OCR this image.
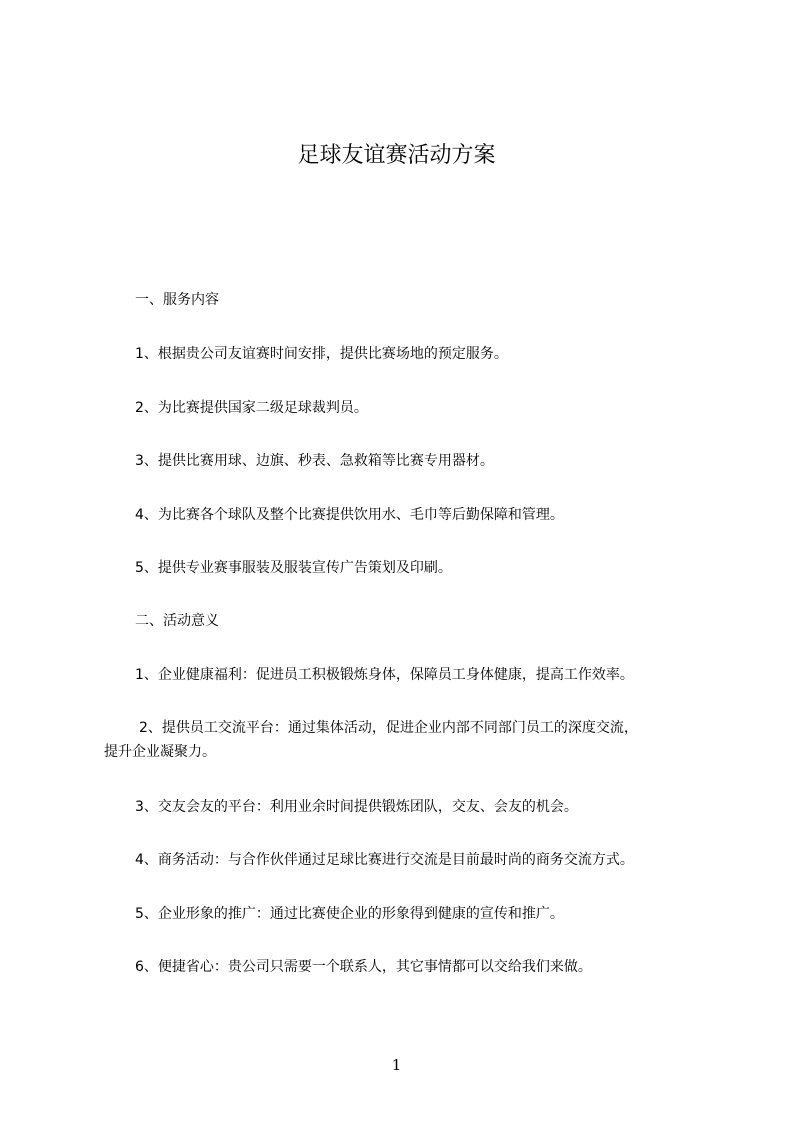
足球友谊赛活动方案
一、服务内容
1、根据贵公司友谊赛时间安排，提供比赛场地的预定服务。
2、为比赛提供国家二级足球裁判员。
3、提供比赛用球、边旗、秒表、急救箱等比赛专用器材。
4、为比赛各个球队及整个比赛提供饮用水、毛巾等后勤保障和管理。
5、提供专业赛事服装及服装宣传广告策划及印刷。
二、活动意义
1、企业健康福利：促进员工积极锻炼身体，保障员工身体健康，提高工作效率。
2、提供员工交流平台：通过集体活动，促进企业内部不同部门员工的深度交流，
提升企业凝聚力。
3、交友会友的平台：利用业余时间提供锻炼团队，交友、会友的机会。
4、商务活动：与合作伙伴通过足球比赛进行交流是目前最时尚的商务交流方式。
5、企业形象的推广：通过比赛使企业的形象得到健康的宣传和推广。
6、便捷省心：贵公司只需要一个联系人，其它事情都可以交给我们来做。
1
